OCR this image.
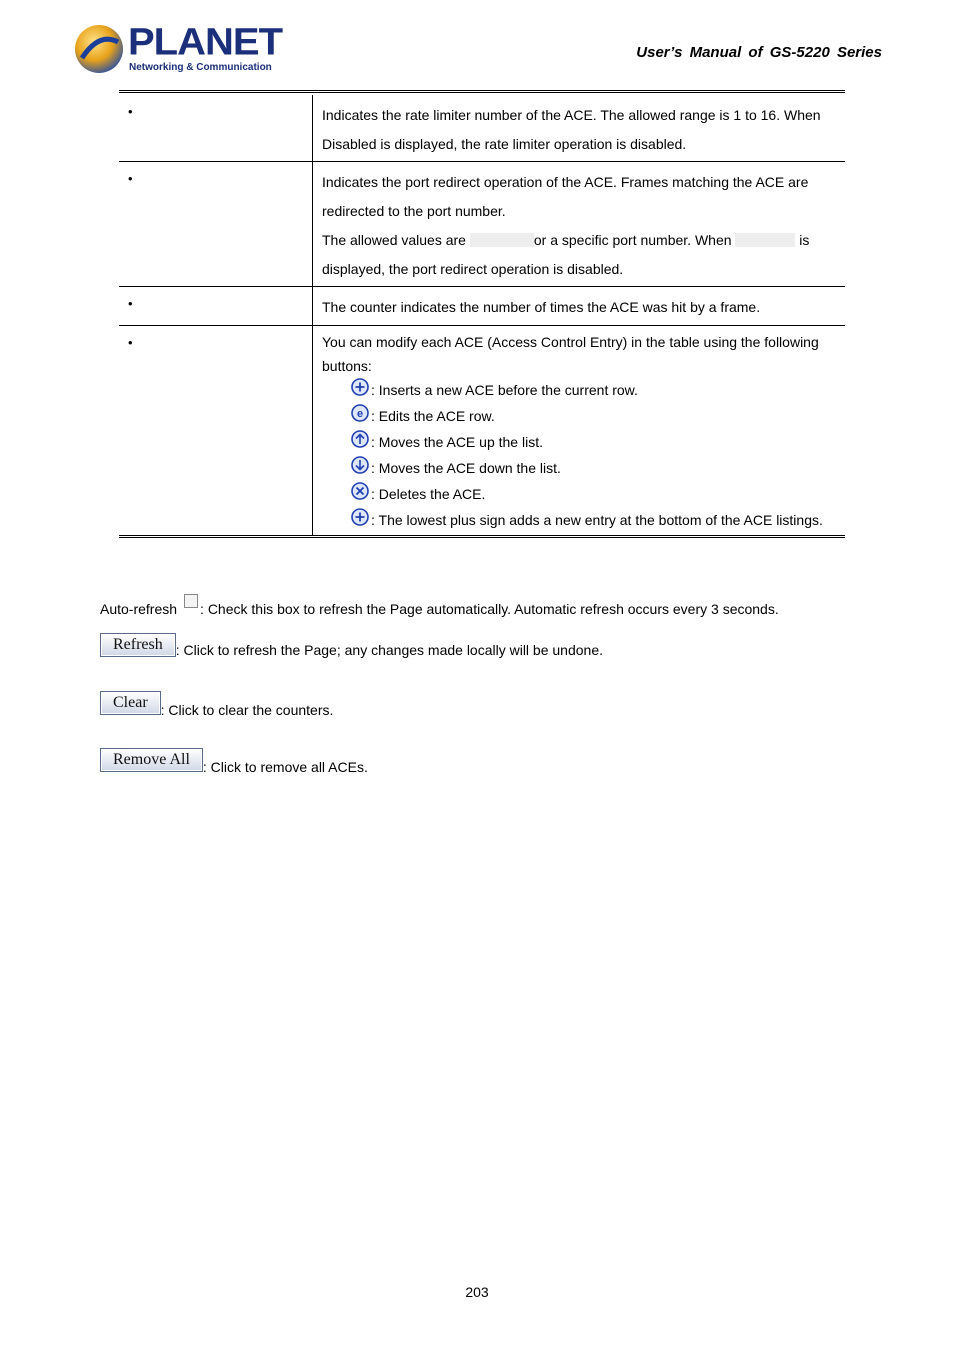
PLANET
Networking & Communication
User’s Manual of GS-5220 Series
•	Indicates the rate limiter number of the ACE. The allowed range is 1 to 16. When

Disabled is displayed, the rate limiter operation is disabled.

•	Indicates the port redirect operation of the ACE. Frames matching the ACE are

redirected to the port number.

The allowed values are	or a specific port number. When	is

displayed, the port redirect operation is disabled.

•	The counter indicates the number of times the ACE was hit by a frame.

•	You can modify each ACE (Access Control Entry) in the table using the following

buttons:

: Inserts a new ACE before the current row.
e : Edits the ACE row.
: Moves the ACE up the list.
: Moves the ACE down the list.
: Deletes the ACE.
: The lowest plus sign adds a new entry at the bottom of the ACE listings.
Auto-refresh : Check this box to refresh the Page automatically. Automatic refresh occurs every 3 seconds.
Refresh : Click to refresh the Page; any changes made locally will be undone.
Clear : Click to clear the counters.
Remove All : Click to remove all ACEs.
203
